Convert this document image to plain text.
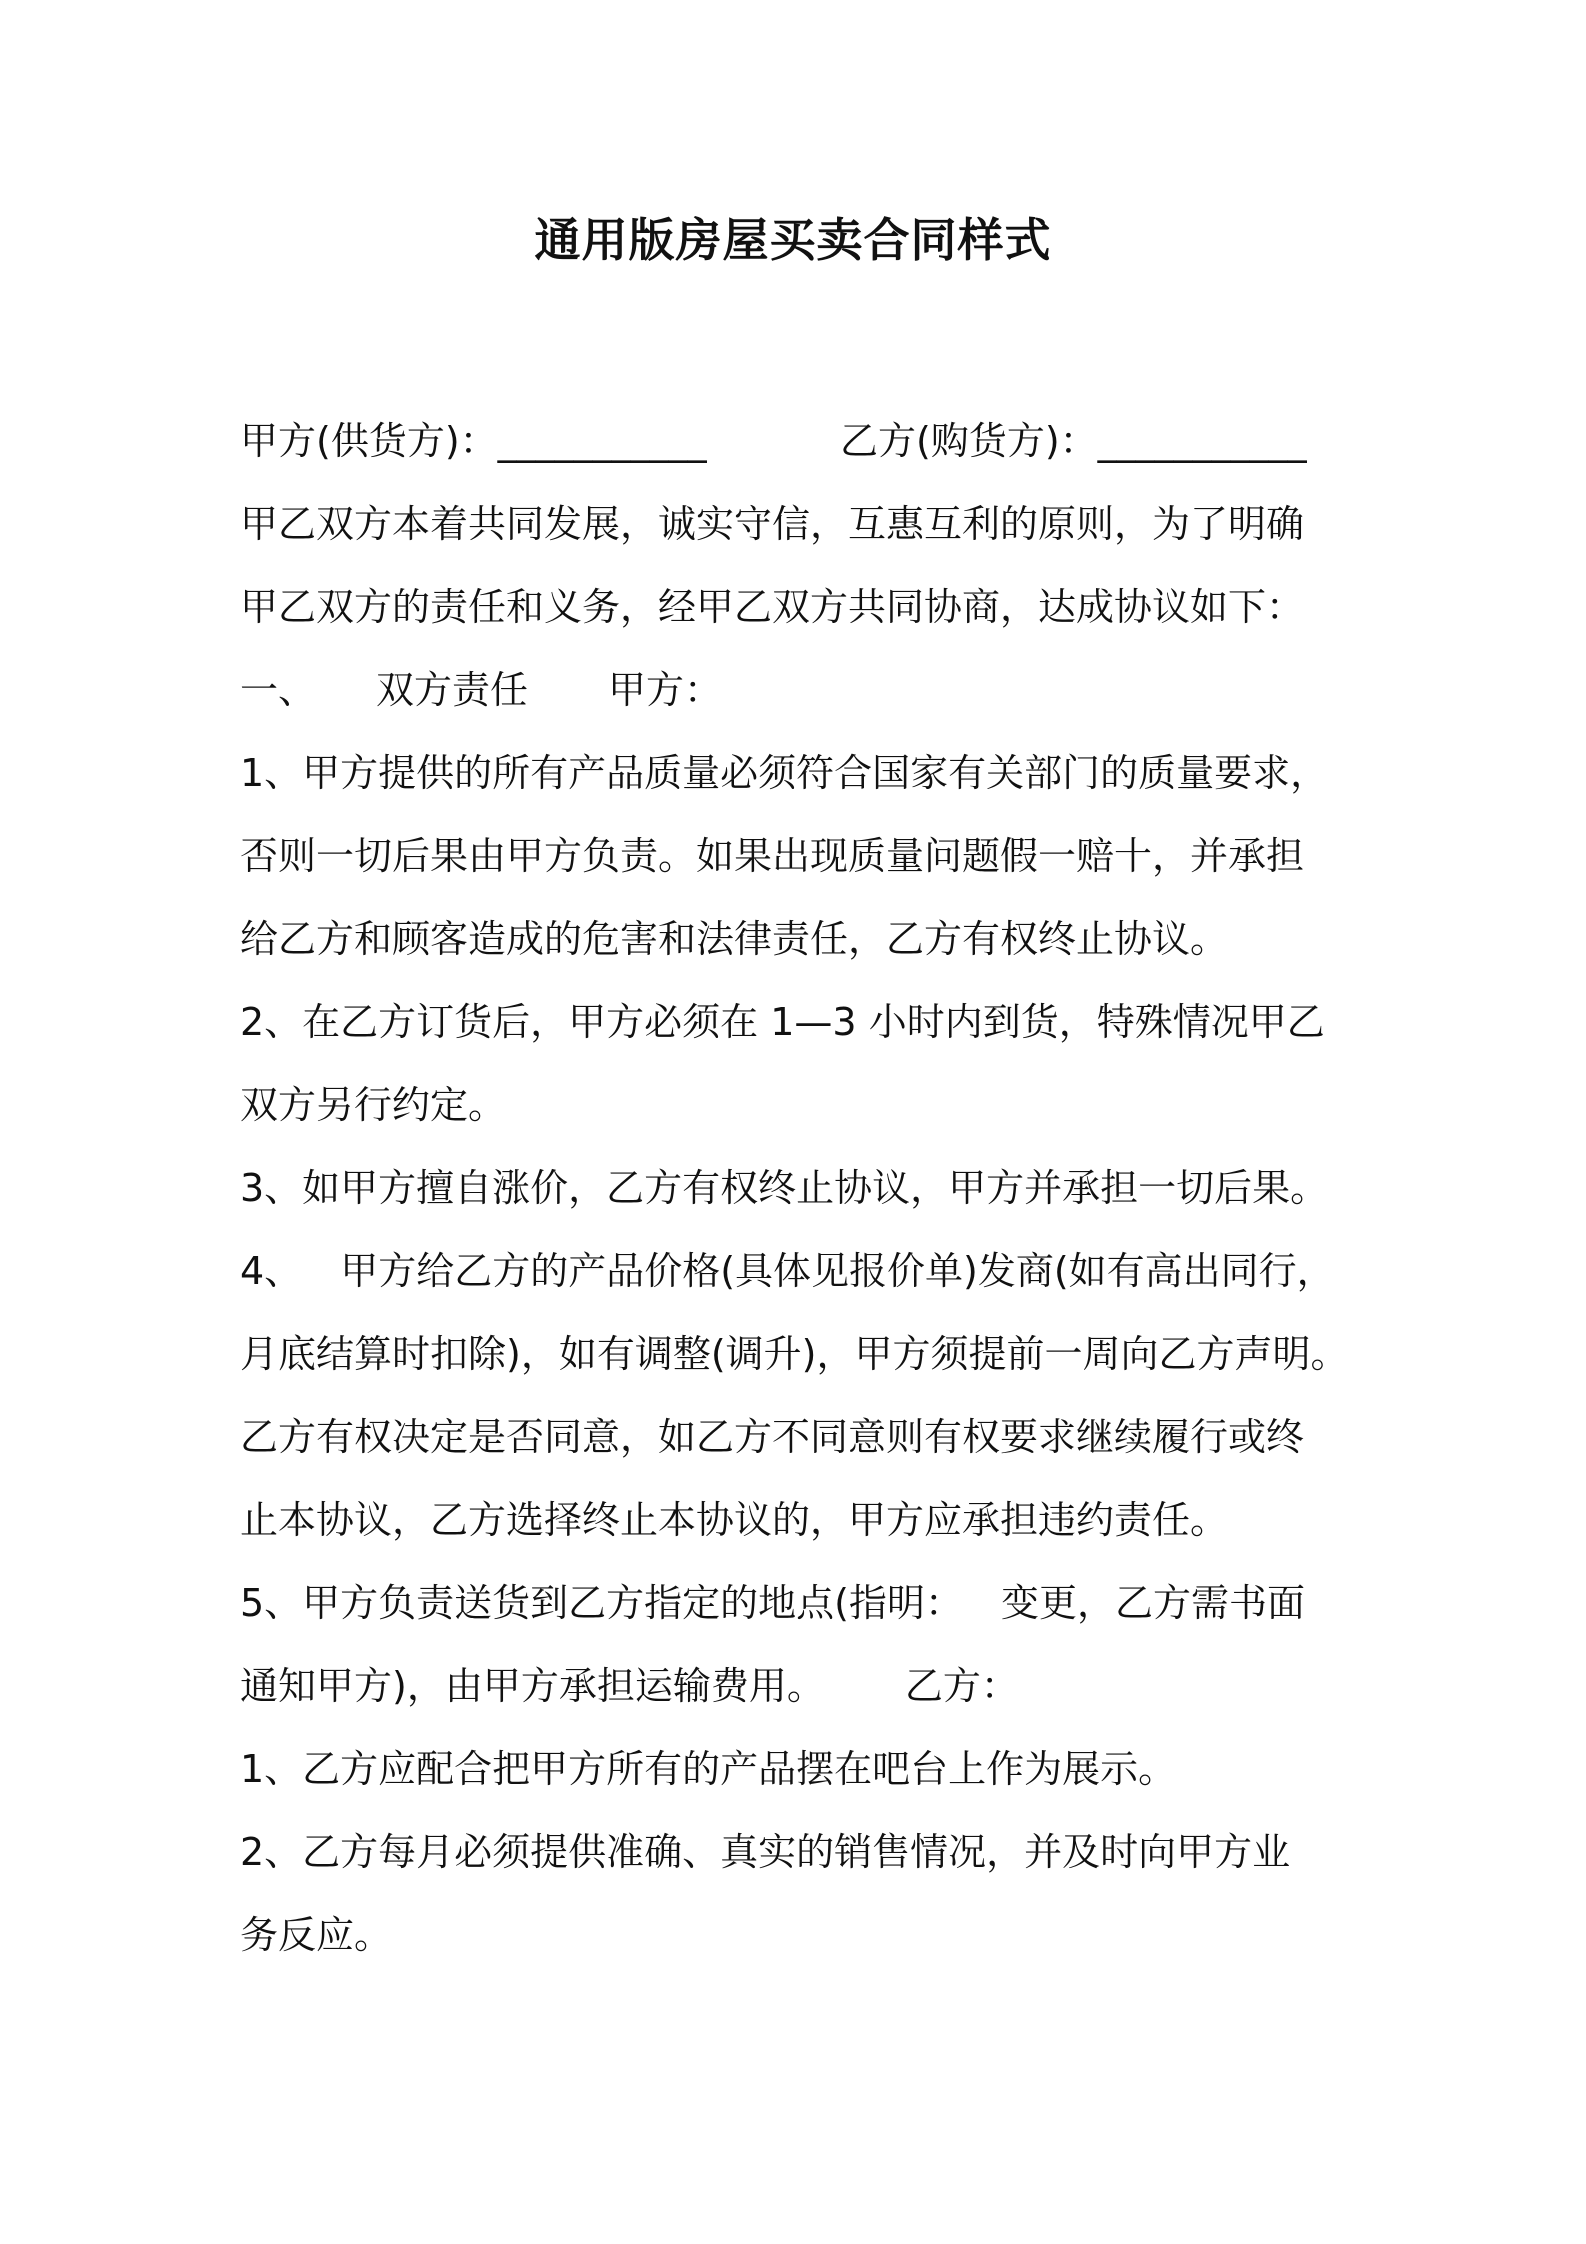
通用版房屋买卖合同样式
甲方(供货方)：___________	乙方(购货方)：___________
甲乙双方本着共同发展，诚实守信，互惠互利的原则，为了明确
甲乙双方的责任和义务，经甲乙双方共同协商，达成协议如下：
一、 双方责任 甲方：
1、甲方提供的所有产品质量必须符合国家有关部门的质量要求，
否则一切后果由甲方负责。如果出现质量问题假一赔十，并承担
给乙方和顾客造成的危害和法律责任，乙方有权终止协议。
2、在乙方订货后，甲方必须在 1—3 小时内到货，特殊情况甲乙
双方另行约定。
3、如甲方擅自涨价，乙方有权终止协议，甲方并承担一切后果。
4、 甲方给乙方的产品价格(具体见报价单)发商(如有高出同行，
月底结算时扣除)，如有调整(调升)，甲方须提前一周向乙方声明。
乙方有权决定是否同意，如乙方不同意则有权要求继续履行或终
止本协议，乙方选择终止本协议的，甲方应承担违约责任。
5、甲方负责送货到乙方指定的地点(指明： 变更，乙方需书面
通知甲方)，由甲方承担运输费用。 乙方：
1、乙方应配合把甲方所有的产品摆在吧台上作为展示。
2、乙方每月必须提供准确、真实的销售情况，并及时向甲方业
务反应。
